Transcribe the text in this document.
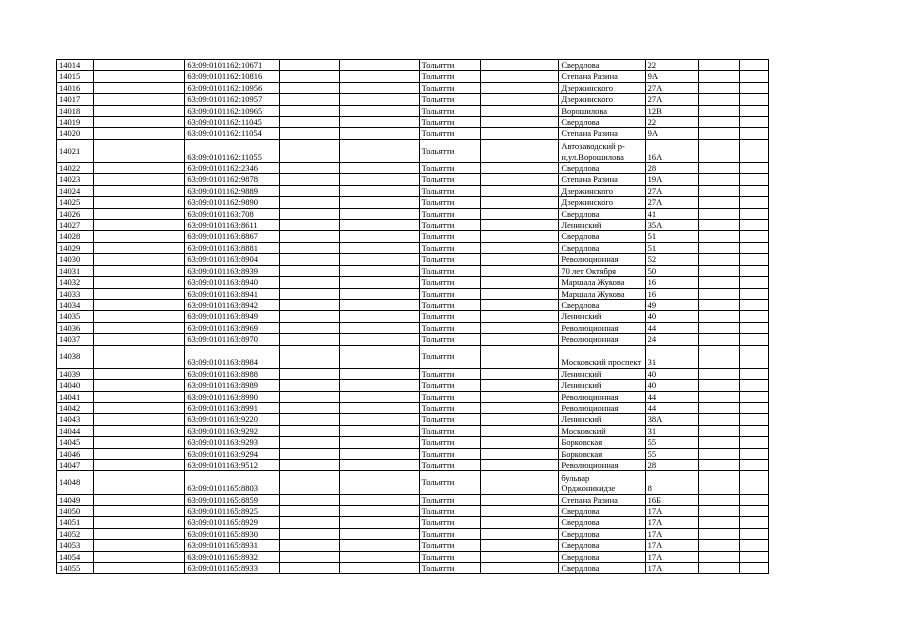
14014		63:09:0101162:10671			Тольятти		Свердлова	22		
14015		63:09:0101162:10816			Тольятти		Степана Разина	9А		
14016		63:09:0101162:10956			Тольятти		Дзержинского	27А		
14017		63:09:0101162:10957			Тольятти		Дзержинского	27А		
14018		63:09:0101162:10965			Тольятти		Ворошилова	12В		
14019		63:09:0101162:11045			Тольятти		Свердлова	22		
14020		63:09:0101162:11054			Тольятти		Степана Разина	9А		
14021		63:09:0101162:11055			Тольятти		Автозаводский р-н,ул.Ворошилова	16А		
14022		63:09:0101162:2346			Тольятти		Свердлова	28		
14023		63:09:0101162:9878			Тольятти		Степана Разина	19А		
14024		63:09:0101162:9889			Тольятти		Дзержинского	27А		
14025		63:09:0101162:9890			Тольятти		Дзержинского	27А		
14026		63:09:0101163:708			Тольятти		Свердлова	41		
14027		63:09:0101163:8611			Тольятти		Ленинский	35А		
14028		63:09:0101163:8867			Тольятти		Свердлова	51		
14029		63:09:0101163:8881			Тольятти		Свердлова	51		
14030		63:09:0101163:8904			Тольятти		Революционная	52		
14031		63:09:0101163:8939			Тольятти		70 лет Октября	50		
14032		63:09:0101163:8940			Тольятти		Маршала Жукова	16		
14033		63:09:0101163:8941			Тольятти		Маршала Жукова	16		
14034		63:09:0101163:8942			Тольятти		Свердлова	49		
14035		63:09:0101163:8949			Тольятти		Ленинский	40		
14036		63:09:0101163:8969			Тольятти		Революционная	44		
14037		63:09:0101163:8970			Тольятти		Революционная	24		
14038		63:09:0101163:8984			Тольятти		Московский проспект	31		
14039		63:09:0101163:8988			Тольятти		Ленинский	40		
14040		63:09:0101163:8989			Тольятти		Ленинский	40		
14041		63:09:0101163:8990			Тольятти		Революционная	44		
14042		63:09:0101163:8991			Тольятти		Революционная	44		
14043		63:09:0101163:9220			Тольятти		Ленинский	38А		
14044		63:09:0101163:9292			Тольятти		Московский	31		
14045		63:09:0101163:9293			Тольятти		Борковская	55		
14046		63:09:0101163:9294			Тольятти		Борковская	55		
14047		63:09:0101163:9512			Тольятти		Революционная	28		
14048		63:09:0101165:8803			Тольятти		бульвар Орджоникидзе	8		
14049		63:09:0101165:8859			Тольятти		Степана Разина	16Б		
14050		63:09:0101165:8925			Тольятти		Свердлова	17А		
14051		63:09:0101165:8929			Тольятти		Свердлова	17А		
14052		63:09:0101165:8930			Тольятти		Свердлова	17А		
14053		63:09:0101165:8931			Тольятти		Свердлова	17А		
14054		63:09:0101165:8932			Тольятти		Свердлова	17А		
14055		63:09:0101165:8933			Тольятти		Свердлова	17А		
